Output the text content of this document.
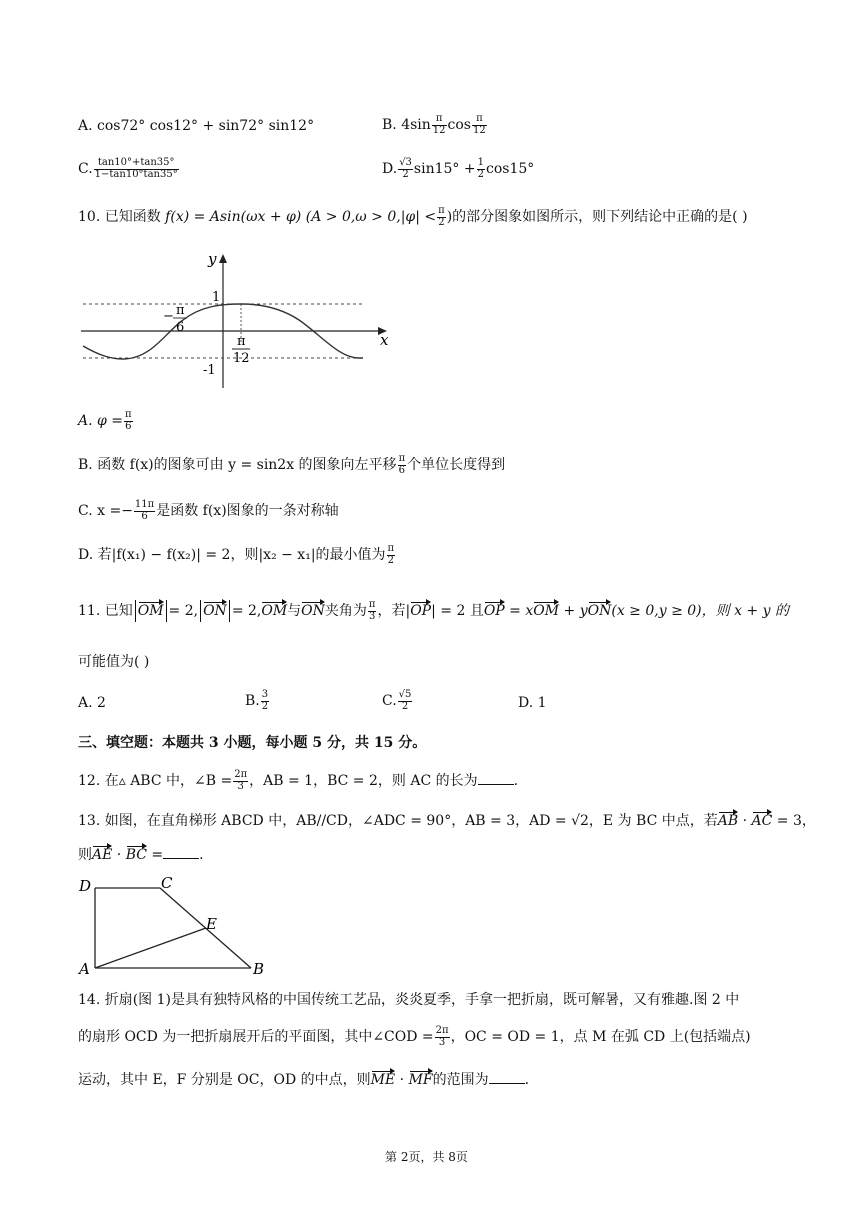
A. cos72° cos12° + sin72° sin12°	B. $4\sin \frac{\pi}{12}$ $\cos \frac{\pi}{12}$
C. $\frac{\tan 10^\circ+\tan 35^\circ}{1-\tan 10^\circ\tan 35^\circ}$	D. $\frac{√3}{2} \sin 15^\circ + \frac{1}{2} \cos 15^\circ$
10. 已知函数 f(x) = Asin(ωx + φ) ($A > 0,\omega > 0,|\varphi| < \frac{\pi}{2}$ )的部分图象如图所示，则下列结论中正确的是( )
y
x
1
-1
− π
6
π
12
A. $\varphi = \frac{\pi}{6}$
B. 函数 f(x)的图象可由 y = sin2x 的图象向左平移 $\frac{\pi}{6}$ 个单位长度得到
C. $x =- \frac{11\pi}{6}$ 是函数 f(x)图象的一条对称轴
D. 若|f(x₁) − f(x₂)| = 2，则|x₂ − x₁|的最小值为 $\frac{\pi}{2}$
11. 已知 OM = 2, ON = 2,OM与ON夹角为 $\frac{\pi}{3}$ ，若|OP| = 2 且OP = xOM + yON(x ≥ 0,y ≥ 0)，则 x + y 的
可能值为( )
A. 2	B. $\frac{3}{2}$	C. $\frac{√5}{2}$	D. 1
三、填空题：本题共 3 小题，每小题 5 分，共 15 分。
12. 在▵ ABC 中，∠B = $\frac{2\pi}{3}$ ，AB = 1，BC = 2，则 AC 的长为	.
13. 如图，在直角梯形 ABCD 中，AB//CD，∠ADC = 90°，AB = 3，AD = √2，E 为 BC 中点，若AB · AC = 3，
则AE · BC =	.
D	C
E
A	B
14. 折扇(图 1)是具有独特风格的中国传统工艺品，炎炎夏季，手拿一把折扇，既可解暑，又有雅趣.图 2 中
的扇形 OCD 为一把折扇展开后的平面图，其中∠COD = $\frac{2\pi}{3}$ ，OC = OD = 1，点 M 在弧 CD 上(包括端点)
运动，其中 E，F 分别是 OC，OD 的中点，则ME · MF的范围为	.
第 2页，共 8页
